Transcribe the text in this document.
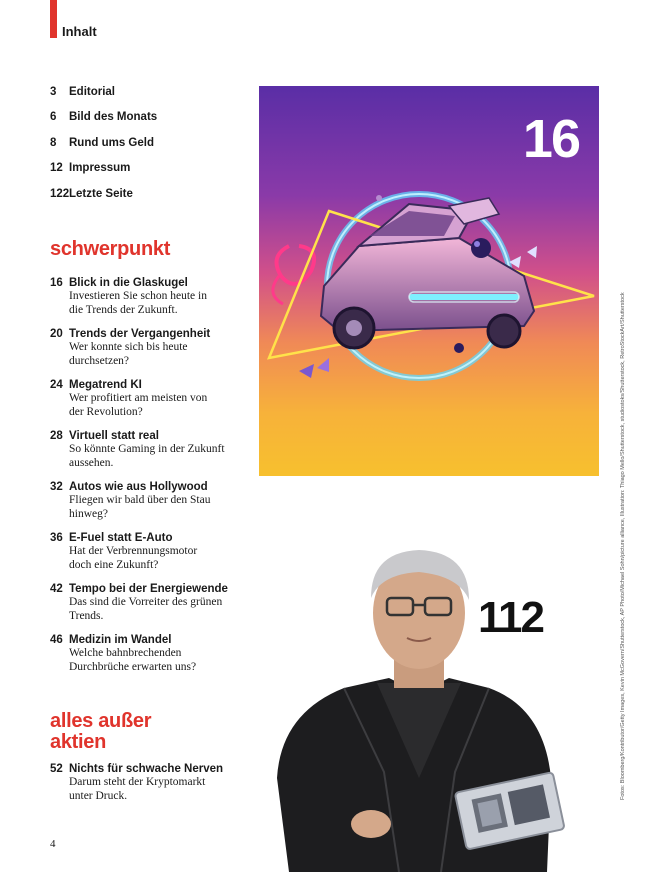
Inhalt
3 Editorial
6 Bild des Monats
8 Rund ums Geld
12 Impressum
122Letzte Seite
schwerpunkt
16 Blick in die Glaskugel
Investieren Sie schon heute in
die Trends der Zukunft.
20 Trends der Vergangenheit
Wer konnte sich bis heute
durchsetzen?
24 Megatrend KI
Wer profitiert am meisten von
der Revolution?
28 Virtuell statt real
So könnte Gaming in der Zukunft
aussehen.
32 Autos wie aus Hollywood
Fliegen wir bald über den Stau
hinweg?
36 E-Fuel statt E-Auto
Hat der Verbrennungsmotor
doch eine Zukunft?
42 Tempo bei der Energiewende
Das sind die Vorreiter des grünen
Trends.
46 Medizin im Wandel
Welche bahnbrechenden
Durchbrüche erwarten uns?
alles außer
aktien
52 Nichts für schwache Nerven
Darum steht der Kryptomarkt
unter Druck.
16
112	Fotos: Bloomberg/Kontributor/Getty Images, Kevin McGovern/Shutterstock, AP Photo/Michael Sohn/picture alliance, Illustration: Thiago Mello/Shutterstock, studiostoks/Shutterstock, RetroStockArt/Shutterstock
4
